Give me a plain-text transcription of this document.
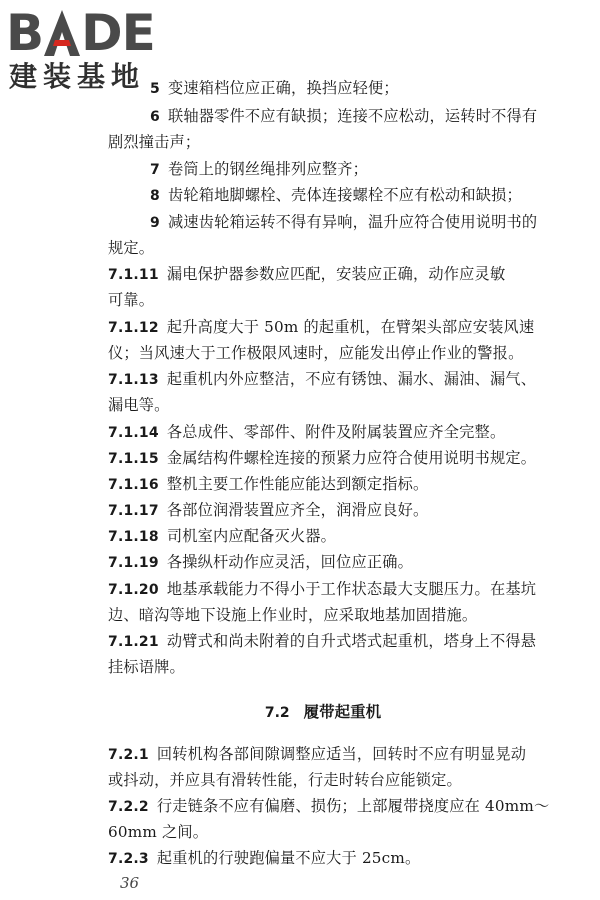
B DE
建装基地 5 变速箱档位应正确，换挡应轻便；
6 联轴器零件不应有缺损；连接不应松动，运转时不得有
剧烈撞击声；
7 卷筒上的钢丝绳排列应整齐；
8 齿轮箱地脚螺栓、壳体连接螺栓不应有松动和缺损；
9 减速齿轮箱运转不得有异响，温升应符合使用说明书的
规定。
7.1.11 漏电保护器参数应匹配，安装应正确，动作应灵敏
可靠。
7.1.12 起升高度大于 50m 的起重机，在臂架头部应安装风速
仪；当风速大于工作极限风速时，应能发出停止作业的警报。
7.1.13 起重机内外应整洁，不应有锈蚀、漏水、漏油、漏气、
漏电等。
7.1.14 各总成件、零部件、附件及附属装置应齐全完整。
7.1.15 金属结构件螺栓连接的预紧力应符合使用说明书规定。
7.1.16 整机主要工作性能应能达到额定指标。
7.1.17 各部位润滑装置应齐全，润滑应良好。
7.1.18 司机室内应配备灭火器。
7.1.19 各操纵杆动作应灵活，回位应正确。
7.1.20 地基承载能力不得小于工作状态最大支腿压力。在基坑
边、暗沟等地下设施上作业时，应采取地基加固措施。
7.1.21 动臂式和尚未附着的自升式塔式起重机，塔身上不得悬
挂标语牌。
7.2 履带起重机
7.2.1 回转机构各部间隙调整应适当，回转时不应有明显晃动
或抖动，并应具有滑转性能，行走时转台应能锁定。
7.2.2 行走链条不应有偏磨、损伤；上部履带挠度应在 40mm～
60mm 之间。
7.2.3 起重机的行驶跑偏量不应大于 25cm。
36
